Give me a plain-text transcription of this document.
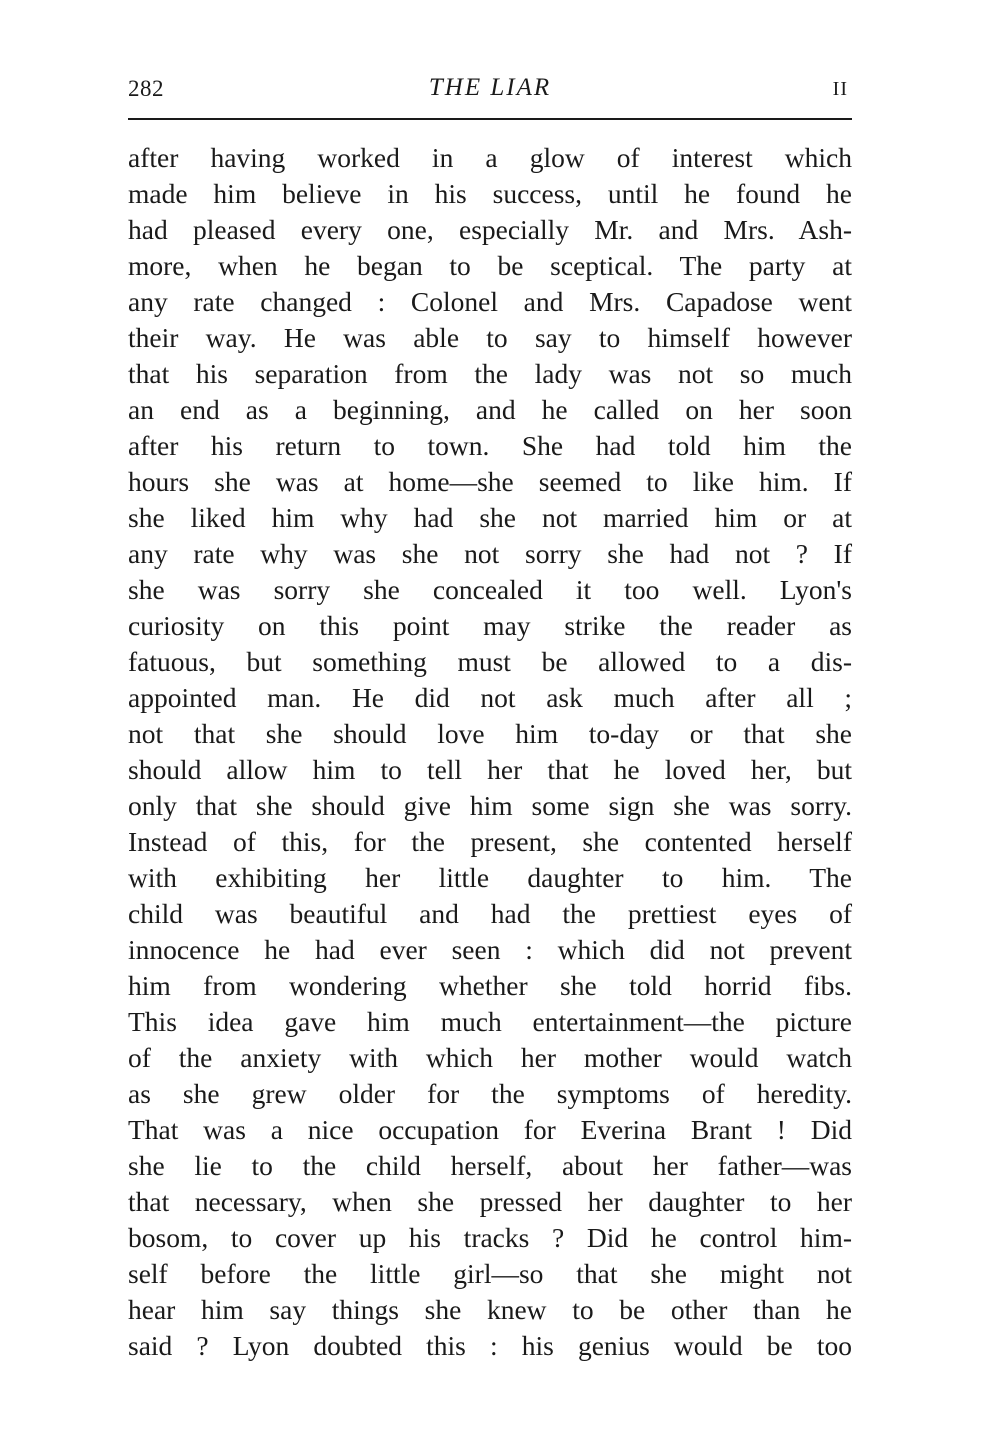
282	THE LIAR	II
after having worked in a glow of interest which
made him believe in his success, until he found he
had pleased every one, especially Mr. and Mrs. Ash-
more, when he began to be sceptical. The party at
any rate changed : Colonel and Mrs. Capadose went
their way. He was able to say to himself however
that his separation from the lady was not so much
an end as a beginning, and he called on her soon
after his return to town. She had told him the
hours she was at home—she seemed to like him. If
she liked him why had she not married him or at
any rate why was she not sorry she had not ? If
she was sorry she concealed it too well. Lyon's
curiosity on this point may strike the reader as
fatuous, but something must be allowed to a dis-
appointed man. He did not ask much after all ;
not that she should love him to-day or that she
should allow him to tell her that he loved her, but
only that she should give him some sign she was sorry.
Instead of this, for the present, she contented herself
with exhibiting her little daughter to him. The
child was beautiful and had the prettiest eyes of
innocence he had ever seen : which did not prevent
him from wondering whether she told horrid fibs.
This idea gave him much entertainment—the picture
of the anxiety with which her mother would watch
as she grew older for the symptoms of heredity.
That was a nice occupation for Everina Brant ! Did
she lie to the child herself, about her father—was
that necessary, when she pressed her daughter to her
bosom, to cover up his tracks ? Did he control him-
self before the little girl—so that she might not
hear him say things she knew to be other than he
said ? Lyon doubted this : his genius would be too
